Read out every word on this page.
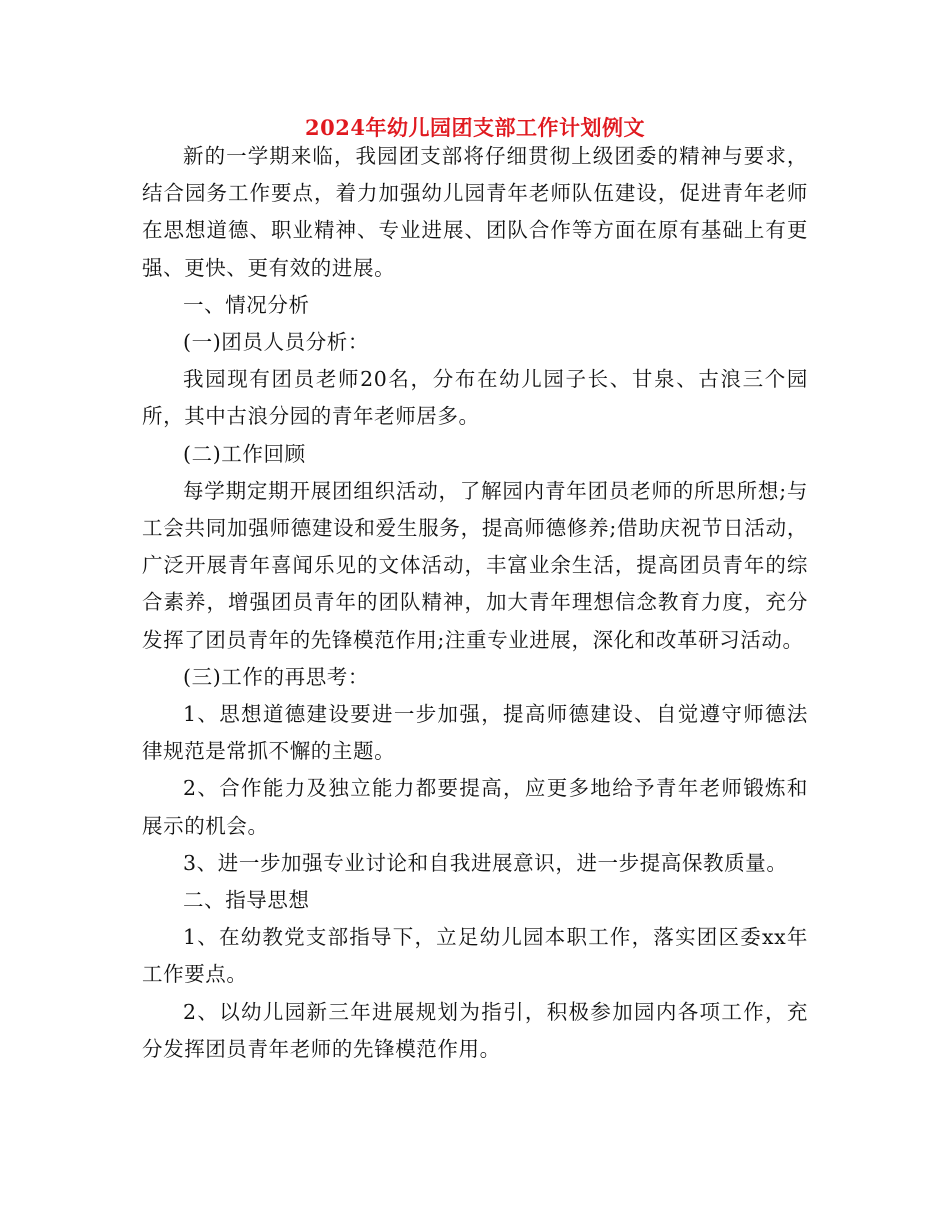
2024年幼儿园团支部工作计划例文

新的一学期来临，我园团支部将仔细贯彻上级团委的精神与要求，结合园务工作要点，着力加强幼儿园青年老师队伍建设，促进青年老师在思想道德、职业精神、专业进展、团队合作等方面在原有基础上有更强、更快、更有效的进展。

一、情况分析

(一)团员人员分析：

我园现有团员老师20名，分布在幼儿园子长、甘泉、古浪三个园所，其中古浪分园的青年老师居多。

(二)工作回顾

每学期定期开展团组织活动，了解园内青年团员老师的所思所想;与工会共同加强师德建设和爱生服务，提高师德修养;借助庆祝节日活动，广泛开展青年喜闻乐见的文体活动，丰富业余生活，提高团员青年的综合素养，增强团员青年的团队精神，加大青年理想信念教育力度，充分发挥了团员青年的先锋模范作用;注重专业进展，深化和改革研习活动。

(三)工作的再思考：

1、思想道德建设要进一步加强，提高师德建设、自觉遵守师德法律规范是常抓不懈的主题。

2、合作能力及独立能力都要提高，应更多地给予青年老师锻炼和展示的机会。

3、进一步加强专业讨论和自我进展意识，进一步提高保教质量。

二、指导思想

1、在幼教党支部指导下，立足幼儿园本职工作，落实团区委xx年工作要点。

2、以幼儿园新三年进展规划为指引，积极参加园内各项工作，充分发挥团员青年老师的先锋模范作用。
